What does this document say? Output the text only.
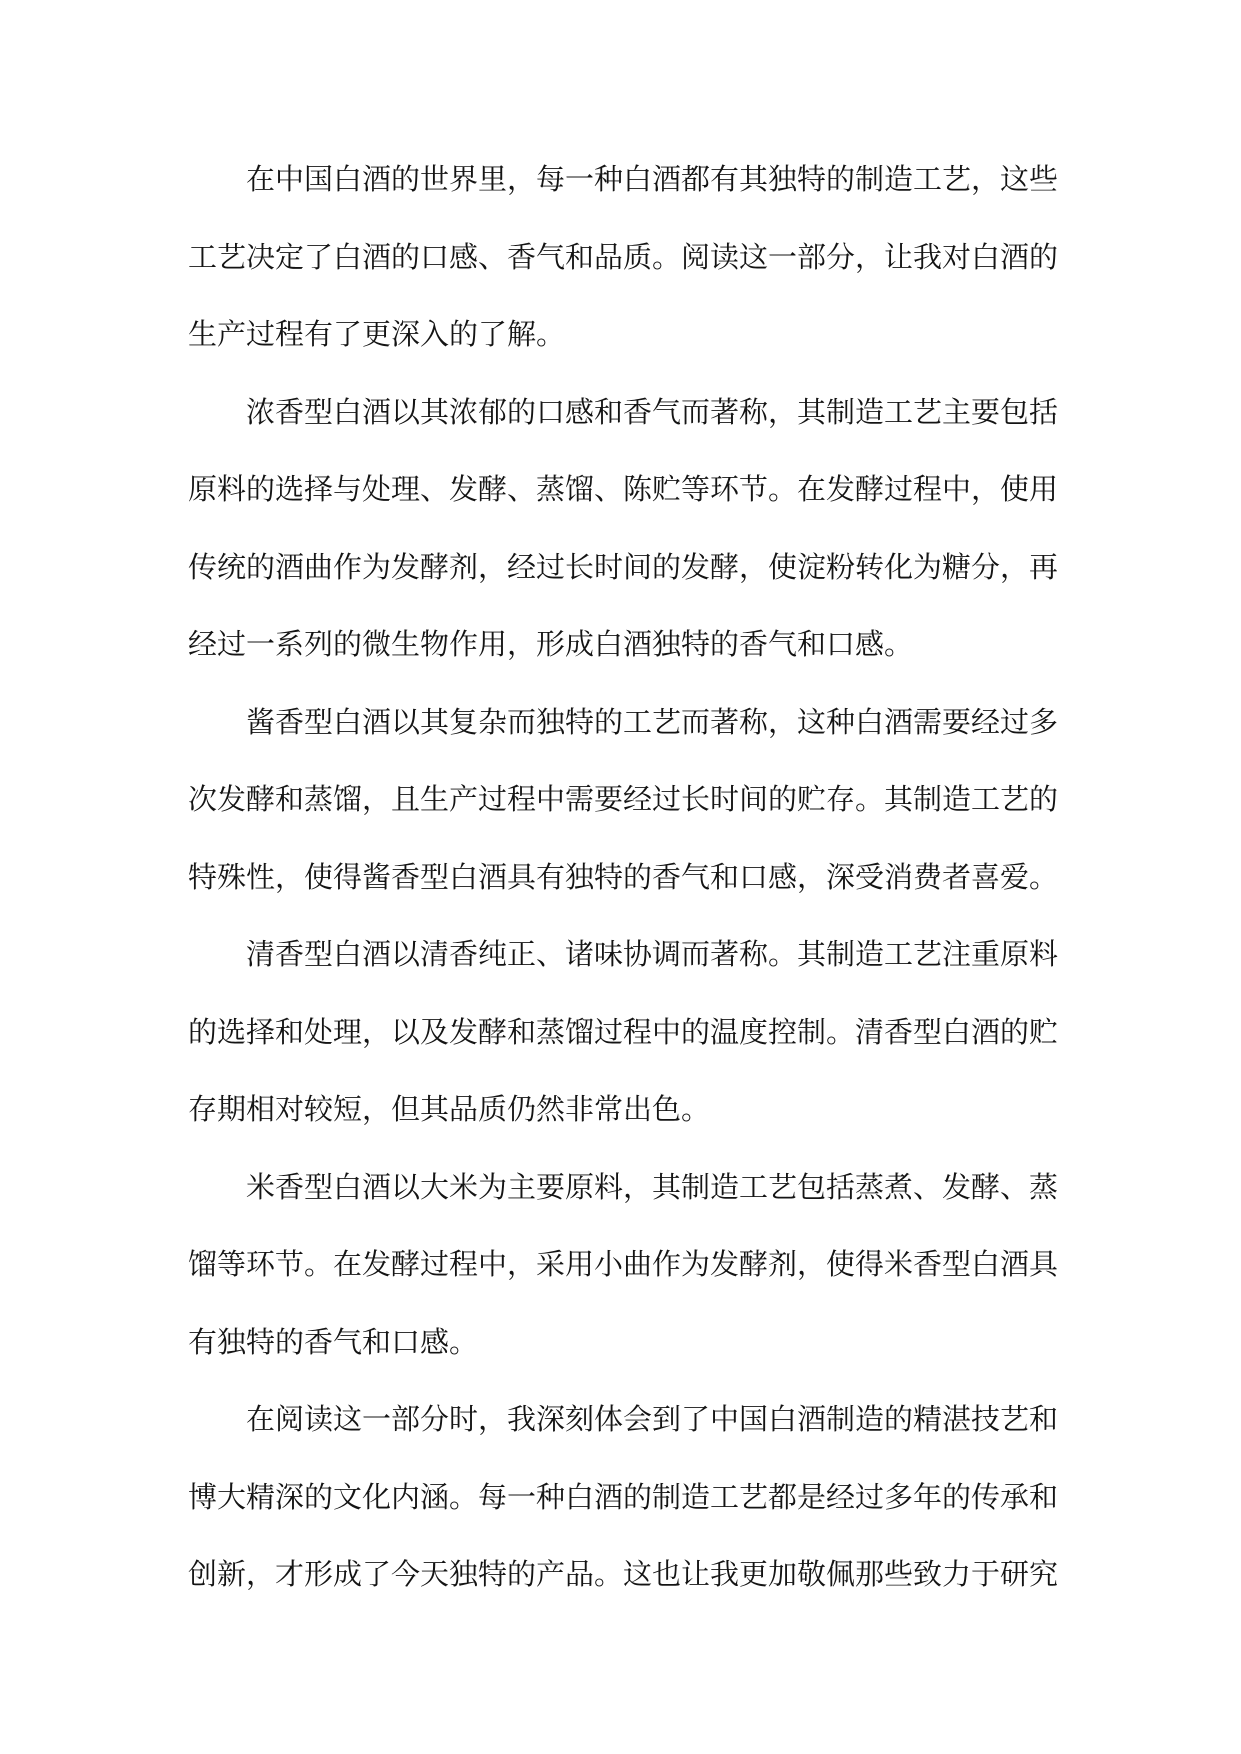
在中国白酒的世界里，每一种白酒都有其独特的制造工艺，这些工艺决定了白酒的口感、香气和品质。阅读这一部分，让我对白酒的生产过程有了更深入的了解。

浓香型白酒以其浓郁的口感和香气而著称，其制造工艺主要包括原料的选择与处理、发酵、蒸馏、陈贮等环节。在发酵过程中，使用传统的酒曲作为发酵剂，经过长时间的发酵，使淀粉转化为糖分，再经过一系列的微生物作用，形成白酒独特的香气和口感。

酱香型白酒以其复杂而独特的工艺而著称，这种白酒需要经过多次发酵和蒸馏，且生产过程中需要经过长时间的贮存。其制造工艺的特殊性，使得酱香型白酒具有独特的香气和口感，深受消费者喜爱。

清香型白酒以清香纯正、诸味协调而著称。其制造工艺注重原料的选择和处理，以及发酵和蒸馏过程中的温度控制。清香型白酒的贮存期相对较短，但其品质仍然非常出色。

米香型白酒以大米为主要原料，其制造工艺包括蒸煮、发酵、蒸馏等环节。在发酵过程中，采用小曲作为发酵剂，使得米香型白酒具有独特的香气和口感。

在阅读这一部分时，我深刻体会到了中国白酒制造的精湛技艺和博大精深的文化内涵。每一种白酒的制造工艺都是经过多年的传承和创新，才形成了今天独特的产品。这也让我更加敬佩那些致力于研究
